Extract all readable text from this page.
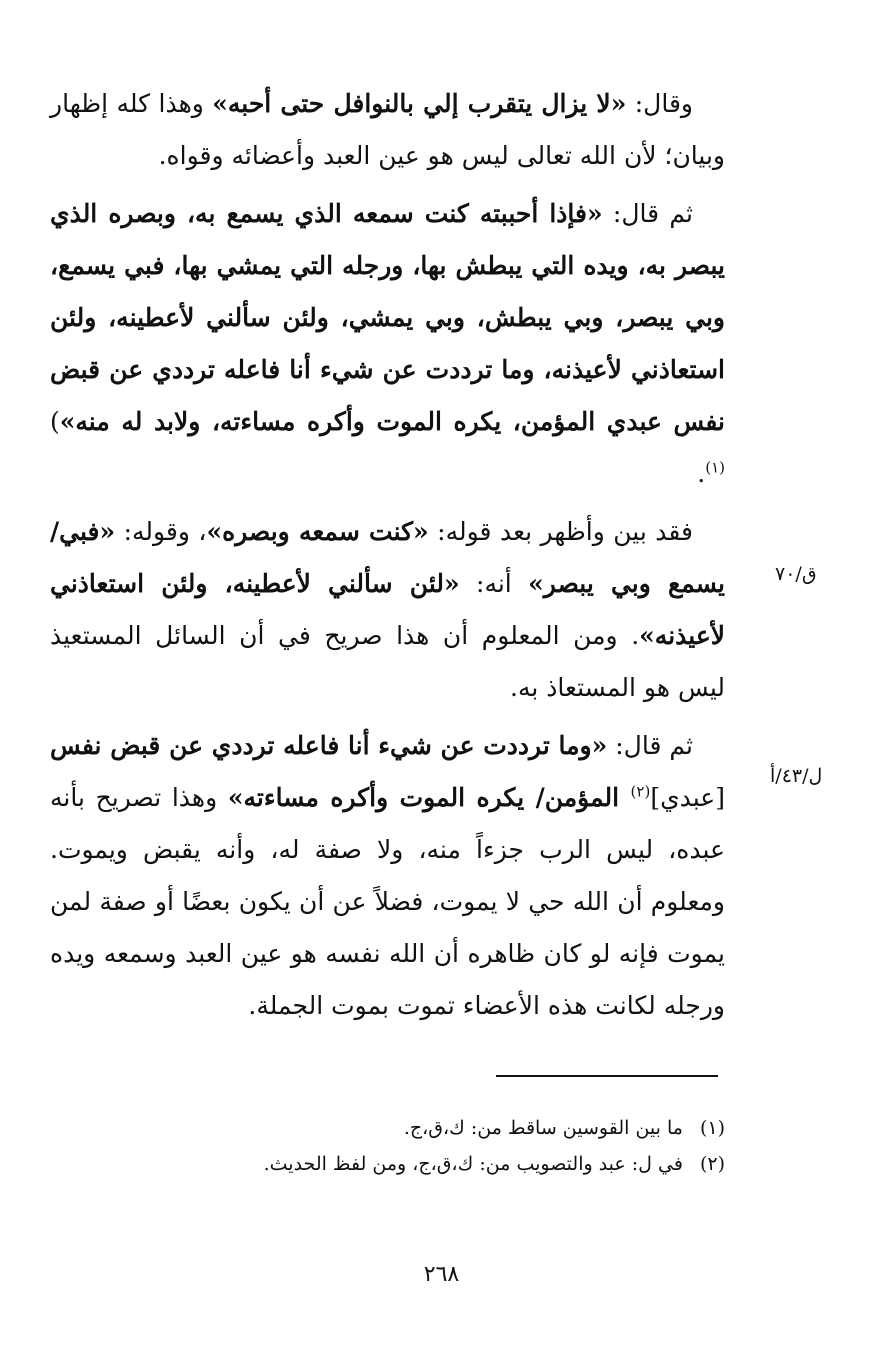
وقال: «لا يزال يتقرب إلي بالنوافل حتى أحبه» وهذا كله إظهار وبيان؛ لأن الله تعالى ليس هو عين العبد وأعضائه وقواه.

ثم قال: «فإذا أحببته كنت سمعه الذي يسمع به، وبصره الذي يبصر به، ويده التي يبطش بها، ورجله التي يمشي بها، فبي يسمع، وبي يبصر، وبي يبطش، وبي يمشي، ولئن سألني لأعطينه، ولئن استعاذني لأعيذنه، وما ترددت عن شيء أنا فاعله ترددي عن قبض نفس عبدي المؤمن، يكره الموت وأكره مساءته، ولابد له منه»)$^{(١)}$.

فقد بين وأظهر بعد قوله: «كنت سمعه وبصره»، وقوله: «فبي/ يسمع وبي يبصر» أنه: «لئن سألني لأعطينه، ولئن استعاذني لأعيذنه». ومن المعلوم أن هذا صريح في أن السائل المستعيذ ليس هو المستعاذ به.

ثم قال: «وما ترددت عن شيء أنا فاعله ترددي عن قبض نفس [عبدي]$^{(٢)}$ المؤمن/ يكره الموت وأكره مساءته» وهذا تصريح بأنه عبده، ليس الرب جزءاً منه، ولا صفة له، وأنه يقبض ويموت. ومعلوم أن الله حي لا يموت، فضلاً عن أن يكون بعضًا أو صفة لمن يموت فإنه لو كان ظاهره أن الله نفسه هو عين العبد وسمعه ويده ورجله لكانت هذه الأعضاء تموت بموت الجملة.

ق/٧٠
ل/٤٣/أ

(١) ما بين القوسين ساقط من: ك،ق،ج.

(٢) في ل: عبد والتصويب من: ك،ق،ج، ومن لفظ الحديث.

٢٦٨
